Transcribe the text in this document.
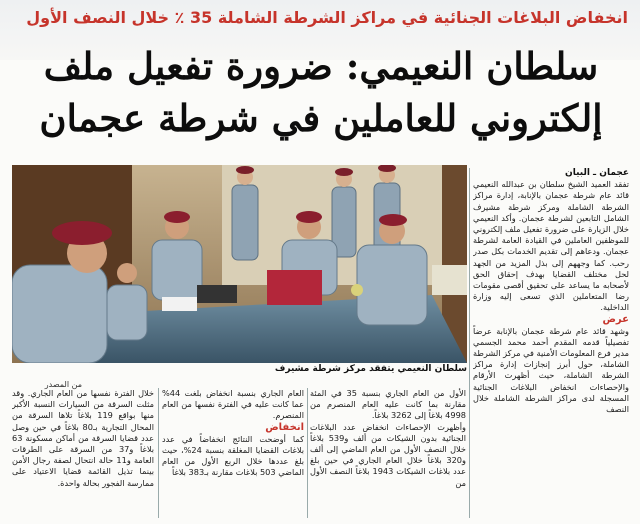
انخفاض البلاغات الجنائية في مراكز الشرطة الشاملة 35 ٪ خلال النصف الأول
سلطان النعيمي: ضرورة تفعيل ملف
إلكتروني للعاملين في شرطة عجمان

عجمان ـ البيان

تفقد العميد الشيخ سلطان بن عبدالله النعيمي قائد عام شرطة عجمان بالإنابة، إدارة مراكز الشرطة الشاملة ومركز شرطة مشيرف الشامل التابعين لشرطة عجمان. وأكد النعيمي خلال الزيارة على ضرورة تفعيل ملف إلكتروني للموظفين العاملين في القيادة العامة لشرطة عجمان. ودعاهم إلى تقديم الخدمات بكل صدر رحب. كما وجههم إلى بذل المزيد من الجهد لحل مختلف القضايا بهدف إحقاق الحق لأصحابه ما يساعد على تحقيق أقصى مقومات رضا المتعاملين الذي تسعى إليه وزارة الداخلية.

عرض

وشهد قائد عام شرطة عجمان بالإنابة عرضاً تفصيلياً قدمه المقدم أحمد محمد الجسمي مدير فرع المعلومات الأمنية في مركز الشرطة الشاملة، حول أبرز إنجازات إدارة مراكز الشرطة الشاملة، حيث أظهرت الأرقام والإحصاءات انخفاض البلاغات الجنائية المسجلة لدى مراكز الشرطة الشاملة خلال النصف

سلطان النعيمي يتفقد مركز شرطة مشيرف
من المصدر

الأول من العام الجاري بنسبة 35 في المئة مقارنة بما كانت عليه العام المنصرم من 4998 بلاغاً إلى 3262 بلاغاً.

وأظهرت الإحصاءات انخفاض عدد البلاغات الجنائية بدون الشيكات من ألف و539 بلاغاً خلال النصف الأول من العام الماضي إلى ألف و320 بلاغاً خلال العام الجاري في حين بلغ عدد بلاغات الشيكات 1943 بلاغاً النصف الأول من

العام الجاري بنسبة انخفاض بلغت 44% عما كانت عليه في الفترة نفسها من العام المنصرم.

انخفاض

كما أوضحت النتائج انخفاضاً في عدد بلاغات القضايا المغلقة بنسبة 24%، حيث بلغ عددها خلال الربع الأول من العام الماضي 503 بلاغات مقارنة بـ383 بلاغاً

خلال الفترة نفسها من العام الجاري. وقد مثلت السرقة من السيارات النسبة الأكبر منها بواقع 119 بلاغاً تلاها السرقة من المحال التجارية بـ80 بلاغاً في حين وصل عدد قضايا السرقة من أماكن مسكونة 63 بلاغاً و37 من السرقة على الطرقات العامة و11 حالة انتحال لصفة رجال الأمن بينما تذيل القائمة قضايا الاعتياد على ممارسة الفجور بحالة واحدة.
